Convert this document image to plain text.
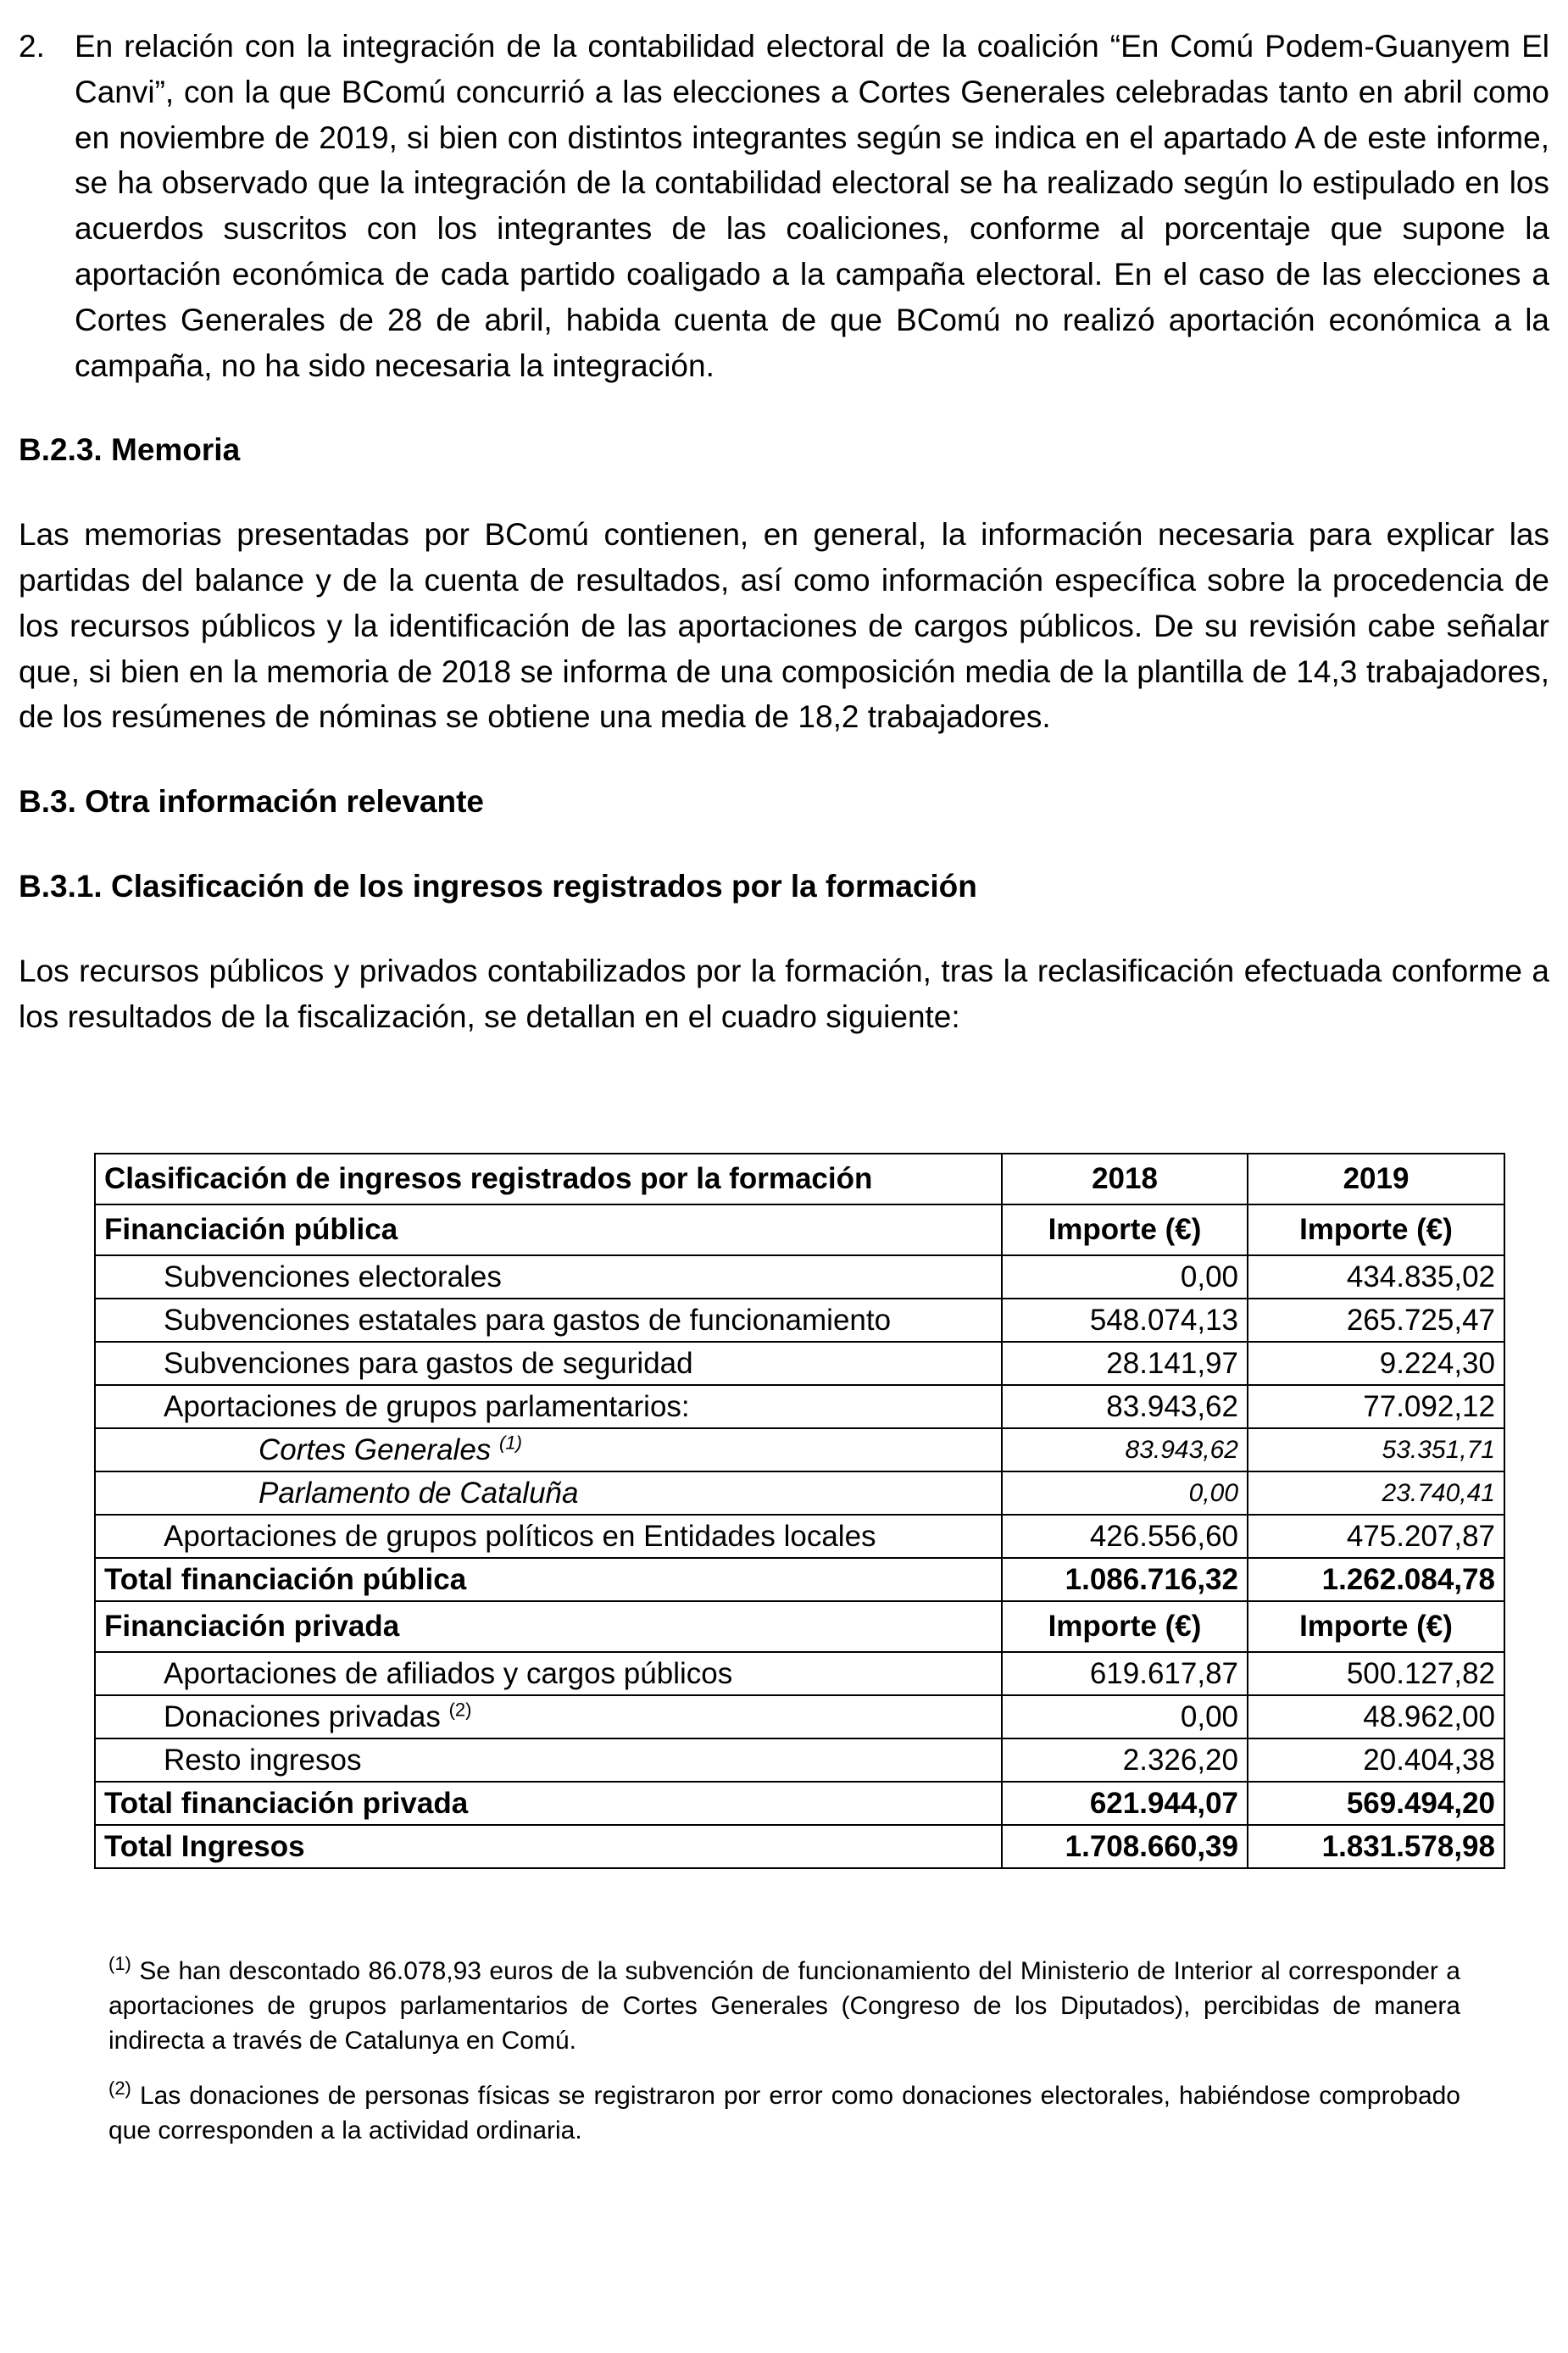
2. En relación con la integración de la contabilidad electoral de la coalición “En Comú Podem-Guanyem El Canvi”, con la que BComú concurrió a las elecciones a Cortes Generales celebradas tanto en abril como en noviembre de 2019, si bien con distintos integrantes según se indica en el apartado A de este informe, se ha observado que la integración de la contabilidad electoral se ha realizado según lo estipulado en los acuerdos suscritos con los integrantes de las coaliciones, conforme al porcentaje que supone la aportación económica de cada partido coaligado a la campaña electoral. En el caso de las elecciones a Cortes Generales de 28 de abril, habida cuenta de que BComú no realizó aportación económica a la campaña, no ha sido necesaria la integración.

B.2.3. Memoria

Las memorias presentadas por BComú contienen, en general, la información necesaria para explicar las partidas del balance y de la cuenta de resultados, así como información específica sobre la procedencia de los recursos públicos y la identificación de las aportaciones de cargos públicos. De su revisión cabe señalar que, si bien en la memoria de 2018 se informa de una composición media de la plantilla de 14,3 trabajadores, de los resúmenes de nóminas se obtiene una media de 18,2 trabajadores.

B.3. Otra información relevante

B.3.1. Clasificación de los ingresos registrados por la formación

Los recursos públicos y privados contabilizados por la formación, tras la reclasificación efectuada conforme a los resultados de la fiscalización, se detallan en el cuadro siguiente:

Clasificación de ingresos registrados por la formación	2018	2019
Financiación pública	Importe (€)	Importe (€)
Subvenciones electorales	0,00	434.835,02
Subvenciones estatales para gastos de funcionamiento	548.074,13	265.725,47
Subvenciones para gastos de seguridad	28.141,97	9.224,30
Aportaciones de grupos parlamentarios:	83.943,62	77.092,12
Cortes Generales $^{(1)}$	83.943,62	53.351,71
Parlamento de Cataluña	0,00	23.740,41
Aportaciones de grupos políticos en Entidades locales	426.556,60	475.207,87
Total financiación pública	1.086.716,32	1.262.084,78
Financiación privada	Importe (€)	Importe (€)
Aportaciones de afiliados y cargos públicos	619.617,87	500.127,82
Donaciones privadas $^{(2)}$	0,00	48.962,00
Resto ingresos	2.326,20	20.404,38
Total financiación privada	621.944,07	569.494,20
Total Ingresos	1.708.660,39	1.831.578,98

$^{(1)}$ Se han descontado 86.078,93 euros de la subvención de funcionamiento del Ministerio de Interior al corresponder a aportaciones de grupos parlamentarios de Cortes Generales (Congreso de los Diputados), percibidas de manera indirecta a través de Catalunya en Comú.

$^{(2)}$ Las donaciones de personas físicas se registraron por error como donaciones electorales, habiéndose comprobado que corresponden a la actividad ordinaria.
